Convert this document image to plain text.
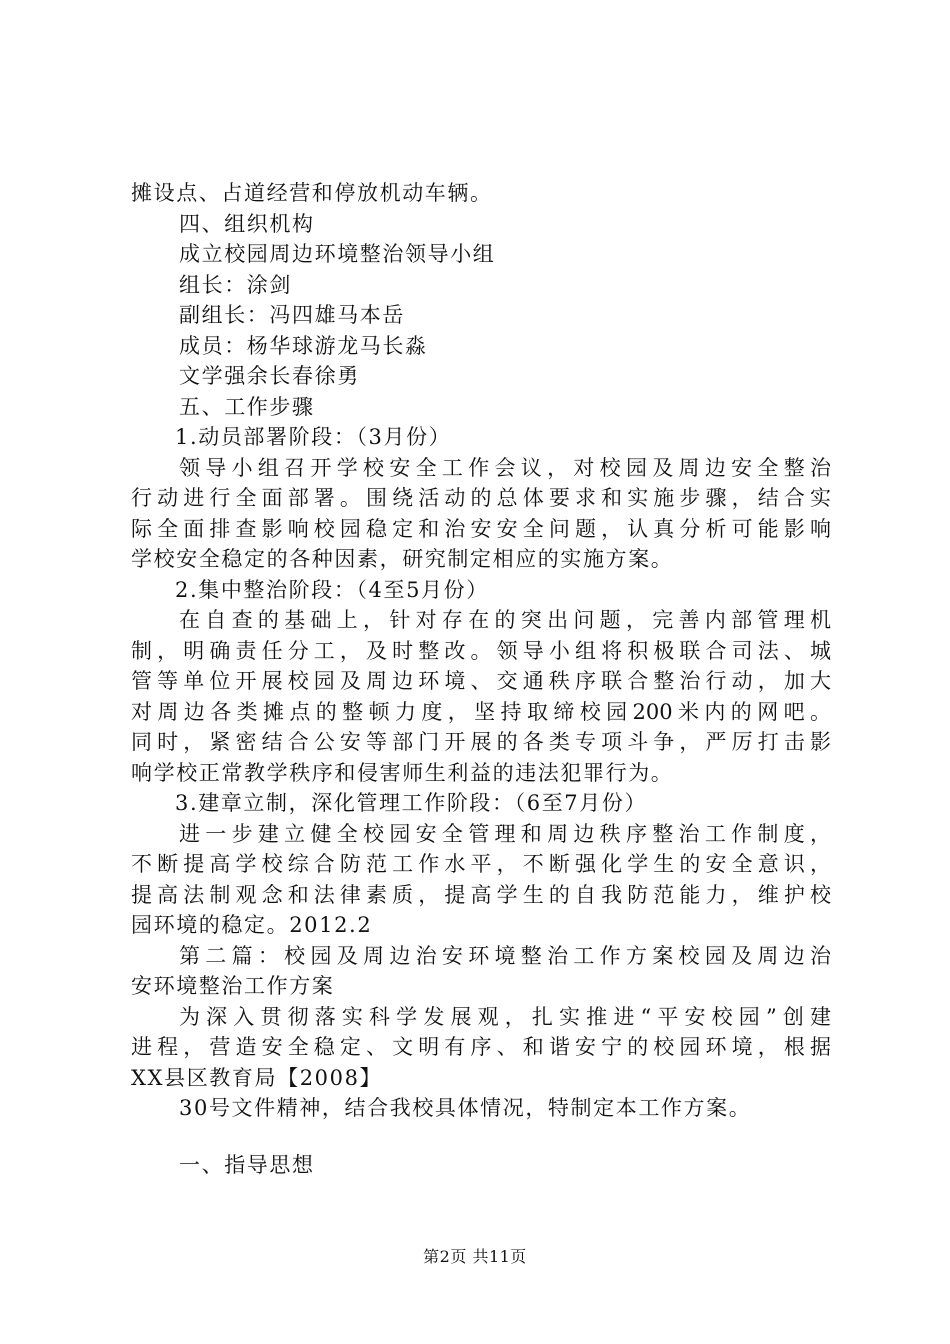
摊设点、占道经营和停放机动车辆。
四、组织机构
成立校园周边环境整治领导小组
组长：涂剑
副组长：冯四雄马本岳
成员：杨华球游龙马长淼
文学强余长春徐勇
五、工作步骤
1.动员部署阶段：（3月份）
领导小组召开学校安全工作会议，对校园及周边安全整治
行动进行全面部署。围绕活动的总体要求和实施步骤，结合实
际全面排查影响校园稳定和治安安全问题，认真分析可能影响
学校安全稳定的各种因素，研究制定相应的实施方案。
2.集中整治阶段：（4至5月份）
在自查的基础上，针对存在的突出问题，完善内部管理机
制，明确责任分工，及时整改。领导小组将积极联合司法、城
管等单位开展校园及周边环境、交通秩序联合整治行动，加大
对周边各类摊点的整顿力度，坚持取缔校园200米内的网吧。
同时，紧密结合公安等部门开展的各类专项斗争，严厉打击影
响学校正常教学秩序和侵害师生利益的违法犯罪行为。
3.建章立制，深化管理工作阶段：（6至7月份）
进一步建立健全校园安全管理和周边秩序整治工作制度，
不断提高学校综合防范工作水平，不断强化学生的安全意识，
提高法制观念和法律素质，提高学生的自我防范能力，维护校
园环境的稳定。2012.2
第二篇：校园及周边治安环境整治工作方案校园及周边治
安环境整治工作方案
为深入贯彻落实科学发展观，扎实推进“平安校园”创建
进程，营造安全稳定、文明有序、和谐安宁的校园环境，根据
XX县区教育局【2008】
30号文件精神，结合我校具体情况，特制定本工作方案。
一、指导思想
第2页 共11页
